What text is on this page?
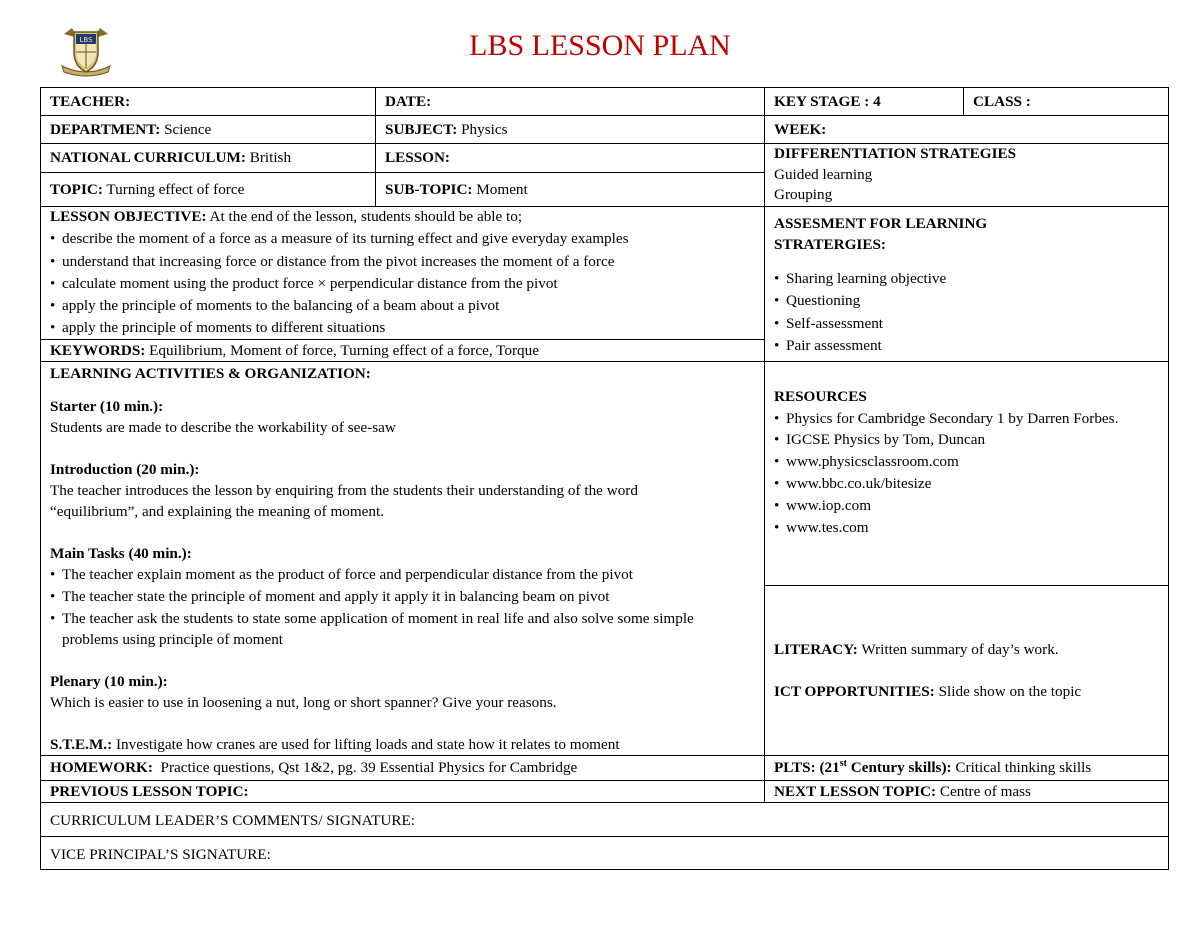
LBS	LBS LESSON PLAN
TEACHER:	DATE:	KEY STAGE : 4	CLASS :
DEPARTMENT: Science	SUBJECT: Physics	WEEK:
NATIONAL CURRICULUM: British	LESSON:	DIFFERENTIATION STRATEGIES
Guided learning
Grouping
TOPIC: Turning effect of force	SUB-TOPIC: Moment
LESSON OBJECTIVE: At the end of the lesson, students should be able to;
• describe the moment of a force as a measure of its turning effect and give everyday examples
• understand that increasing force or distance from the pivot increases the moment of a force
• calculate moment using the product force × perpendicular distance from the pivot
• apply the principle of moments to the balancing of a beam about a pivot
• apply the principle of moments to different situations
KEYWORDS: Equilibrium, Moment of force, Turning effect of a force, Torque
ASSESMENT FOR LEARNING
STRATERGIES:
• Sharing learning objective
• Questioning
• Self-assessment
• Pair assessment
LEARNING ACTIVITIES & ORGANIZATION:
Starter (10 min.):
Students are made to describe the workability of see-saw
Introduction (20 min.):
The teacher introduces the lesson by enquiring from the students their understanding of the word
“equilibrium”, and explaining the meaning of moment.
Main Tasks (40 min.):
• The teacher explain moment as the product of force and perpendicular distance from the pivot
• The teacher state the principle of moment and apply it apply it in balancing beam on pivot
• The teacher ask the students to state some application of moment in real life and also solve some simple problems using principle of moment
Plenary (10 min.):
Which is easier to use in loosening a nut, long or short spanner? Give your reasons.
S.T.E.M.: Investigate how cranes are used for lifting loads and state how it relates to moment
RESOURCES
• Physics for Cambridge Secondary 1 by Darren Forbes.
• IGCSE Physics by Tom, Duncan
• www.physicsclassroom.com
• www.bbc.co.uk/bitesize
• www.iop.com
• www.tes.com
LITERACY: Written summary of day’s work.
ICT OPPORTUNITIES: Slide show on the topic
HOMEWORK: Practice questions, Qst 1&2, pg. 39 Essential Physics for Cambridge	PLTS: (21st Century skills): Critical thinking skills
PREVIOUS LESSON TOPIC:	NEXT LESSON TOPIC: Centre of mass
CURRICULUM LEADER’S COMMENTS/ SIGNATURE:
VICE PRINCIPAL’S SIGNATURE:
